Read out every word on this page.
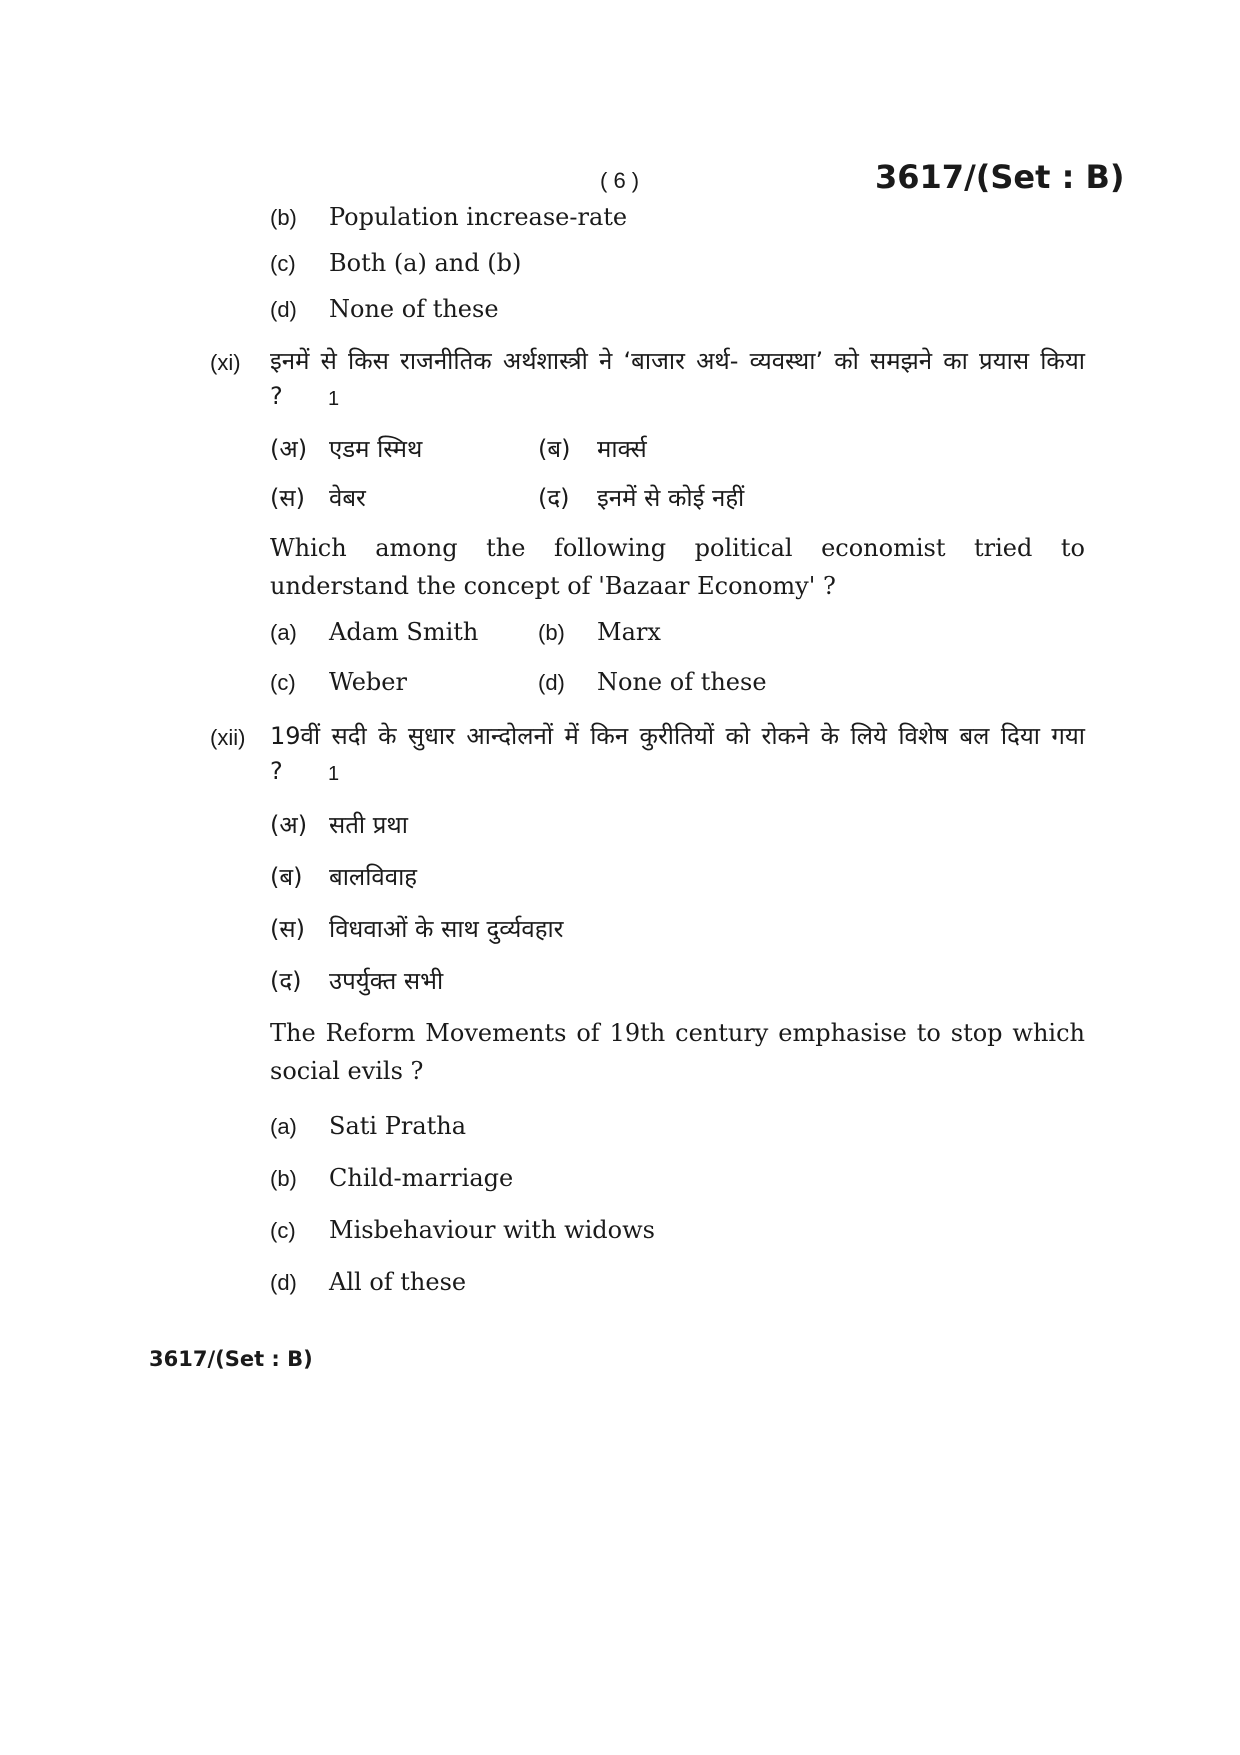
( 6 )	3617/(Set : B)
(b) Population increase-rate
(c) Both (a) and (b)
(d) None of these
(xi) इनमें से किस राजनीतिक अर्थशास्त्री ने ‘बाजार अर्थ- व्यवस्था’ को समझने का प्रयास किया
? 1
(अ) एडम स्मिथ	(ब) मार्क्स
(स) वेबर	(द) इनमें से कोई नहीं
Which among the following political economist tried to understand the concept of 'Bazaar Economy' ?
(a) Adam Smith	(b) Marx
(c) Weber	(d) None of these
(xii) 19वीं सदी के सुधार आन्दोलनों में किन कुरीतियों को रोकने के लिये विशेष बल दिया गया
? 1
(अ) सती प्रथा
(ब) बालविवाह
(स) विधवाओं के साथ दुर्व्यवहार
(द) उपर्युक्त सभी
The Reform Movements of 19th century emphasise to stop which social evils ?
(a) Sati Pratha
(b) Child-marriage
(c) Misbehaviour with widows
(d) All of these
3617/(Set : B)
